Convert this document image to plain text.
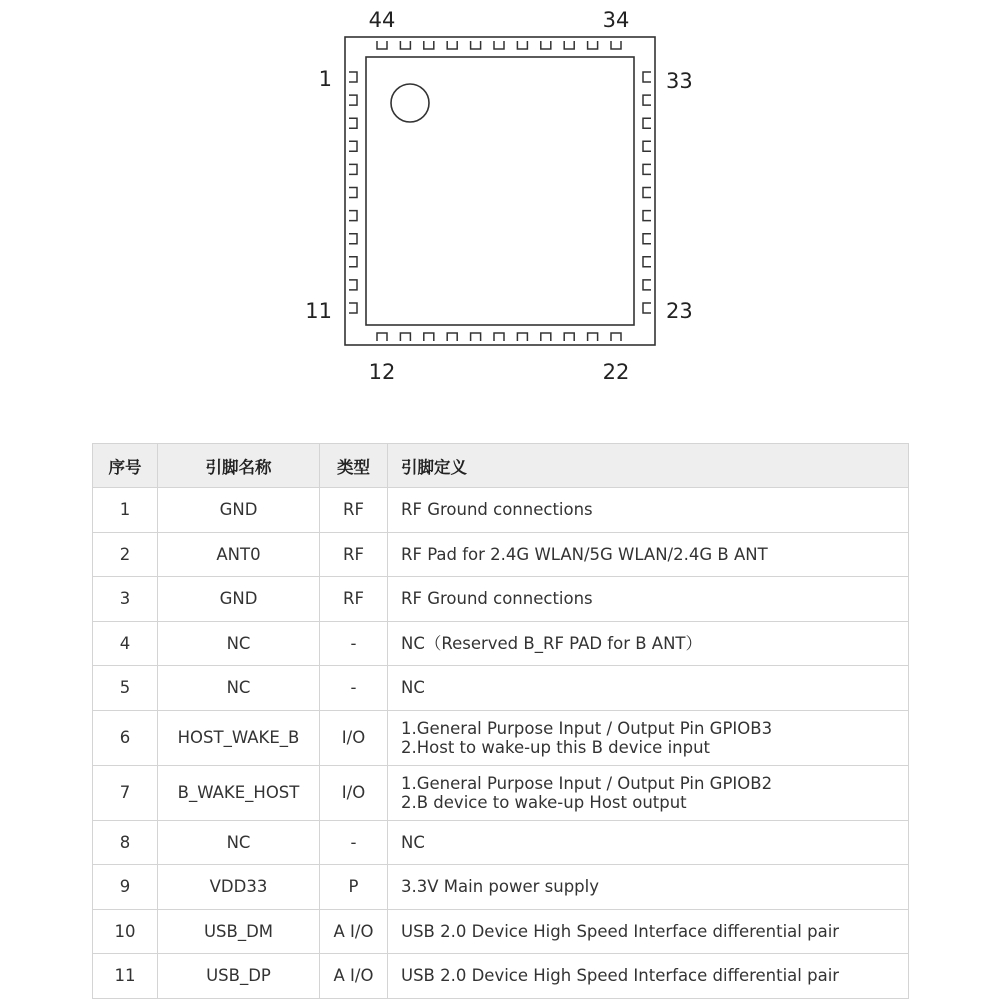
44	34
1	33
11	23
12	22
序号	引脚名称	类型	引脚定义
1	GND	RF	RF Ground connections

2	ANT0	RF	RF Pad for 2.4G WLAN/5G WLAN/2.4G B ANT

3	GND	RF	RF Ground connections

4	NC	-	NC（Reserved B_RF PAD for B ANT）

5	NC	-	NC

6	HOST_WAKE_B	I/O	1.General Purpose Input / Output Pin GPIOB3
2.Host to wake-up this B device input

7	B_WAKE_HOST	I/O	1.General Purpose Input / Output Pin GPIOB2
2.B device to wake-up Host output

8	NC	-	NC

9	VDD33	P	3.3V Main power supply

10	USB_DM	A I/O	USB 2.0 Device High Speed Interface differential pair

11	USB_DP	A I/O	USB 2.0 Device High Speed Interface differential pair
